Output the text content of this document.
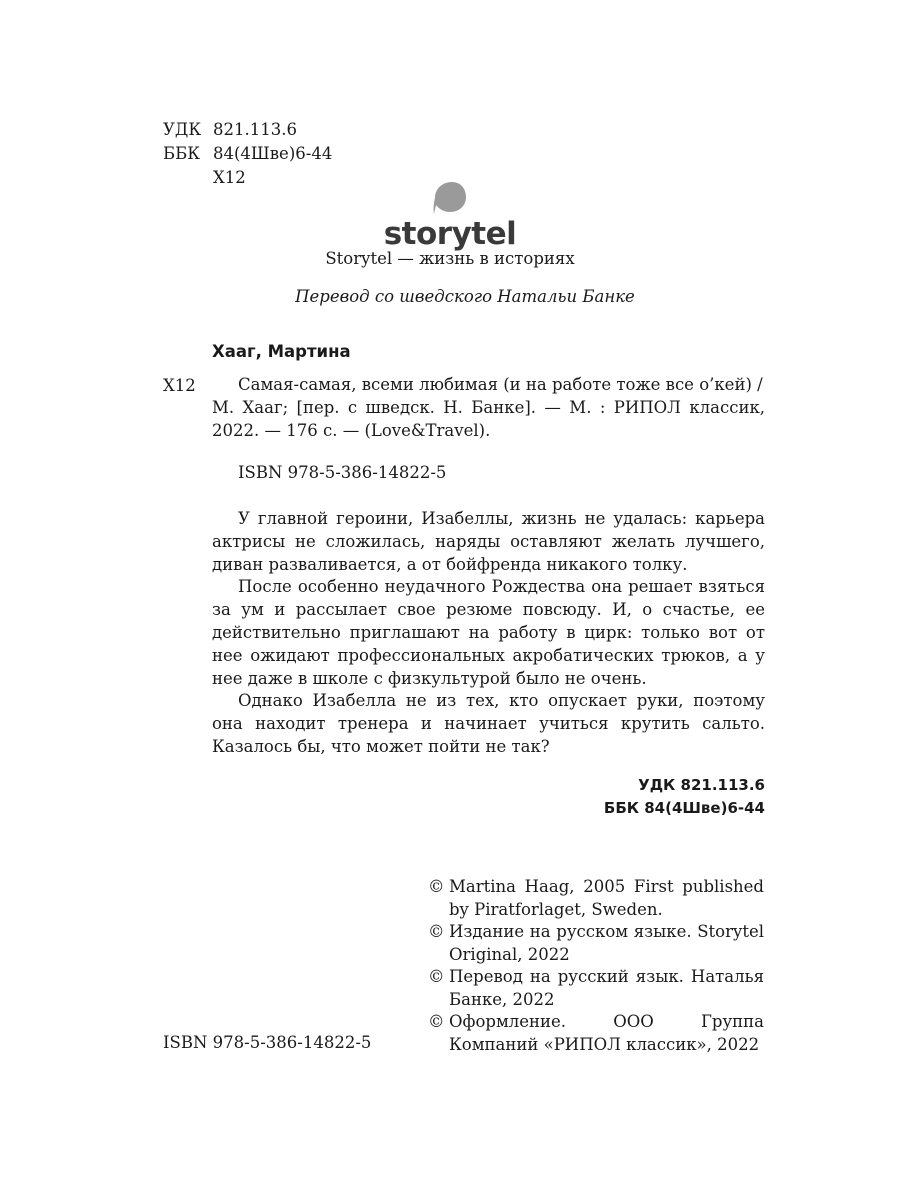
УДК 821.113.6
ББК 84(4Шве)6-44
Х12
storytel
Storytel — жизнь в историях
Перевод со шведского Натальи Банке
Хааг, Мартина
Х12	Самая-самая, всеми любимая (и на работе тоже все о’кей) /
М. Хааг; [пер. с шведск. Н. Банке]. — М. : РИПОЛ классик, 2022. — 176 с. — (Love&Travel).
ISBN 978-5-386-14822-5

У главной героини, Изабеллы, жизнь не удалась: карьера актрисы не сложилась, наряды оставляют желать лучшего, диван разваливается, а от бойфренда никакого толку.

После особенно неудачного Рождества она решает взяться за ум и рассылает свое резюме повсюду. И, о счастье, ее действительно приглашают на работу в цирк: только вот от нее ожидают профессиональных акробатических трюков, а у нее даже в школе с физкультурой было не очень.

Однако Изабелла не из тех, кто опускает руки, поэтому она находит тренера и начинает учиться крутить сальто. Казалось бы, что может пойти не так?

УДК 821.113.6
ББК 84(4Шве)6-44
© Martina Haag, 2005 First published by Piratforlaget, Sweden.
© Издание на русском языке. Storytel Original, 2022
© Перевод на русский язык. Наталья Банке, 2022
© Оформление. ООО Группа Компаний «РИПОЛ классик», 2022
ISBN 978-5-386-14822-5
